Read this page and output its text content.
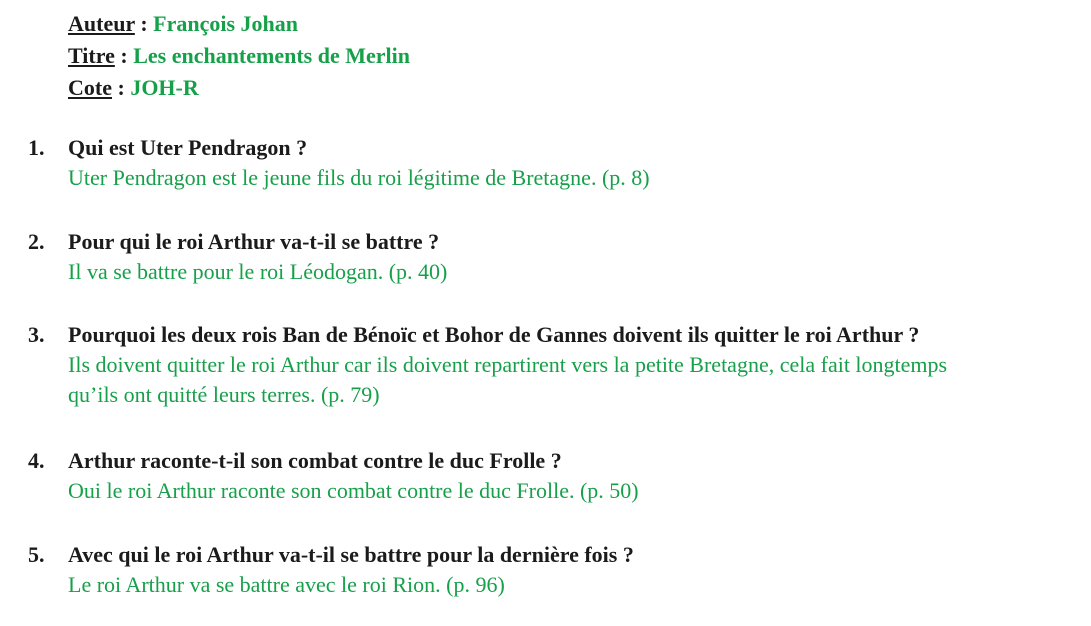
Auteur : François Johan
Titre : Les enchantements de Merlin
Cote : JOH-R
1. Qui est Uter Pendragon ?
Uter Pendragon est le jeune fils du roi légitime de Bretagne. (p. 8)
2. Pour qui le roi Arthur va-t-il se battre ?
Il va se battre pour le roi Léodogan. (p. 40)
3. Pourquoi les deux rois Ban de Bénoïc et Bohor de Gannes doivent ils quitter le roi Arthur ?
Ils doivent quitter le roi Arthur car ils doivent repartirent vers la petite Bretagne, cela fait longtemps
qu’ils ont quitté leurs terres. (p. 79)
4. Arthur raconte-t-il son combat contre le duc Frolle ?
Oui le roi Arthur raconte son combat contre le duc Frolle. (p. 50)
5. Avec qui le roi Arthur va-t-il se battre pour la dernière fois ?
Le roi Arthur va se battre avec le roi Rion. (p. 96)
